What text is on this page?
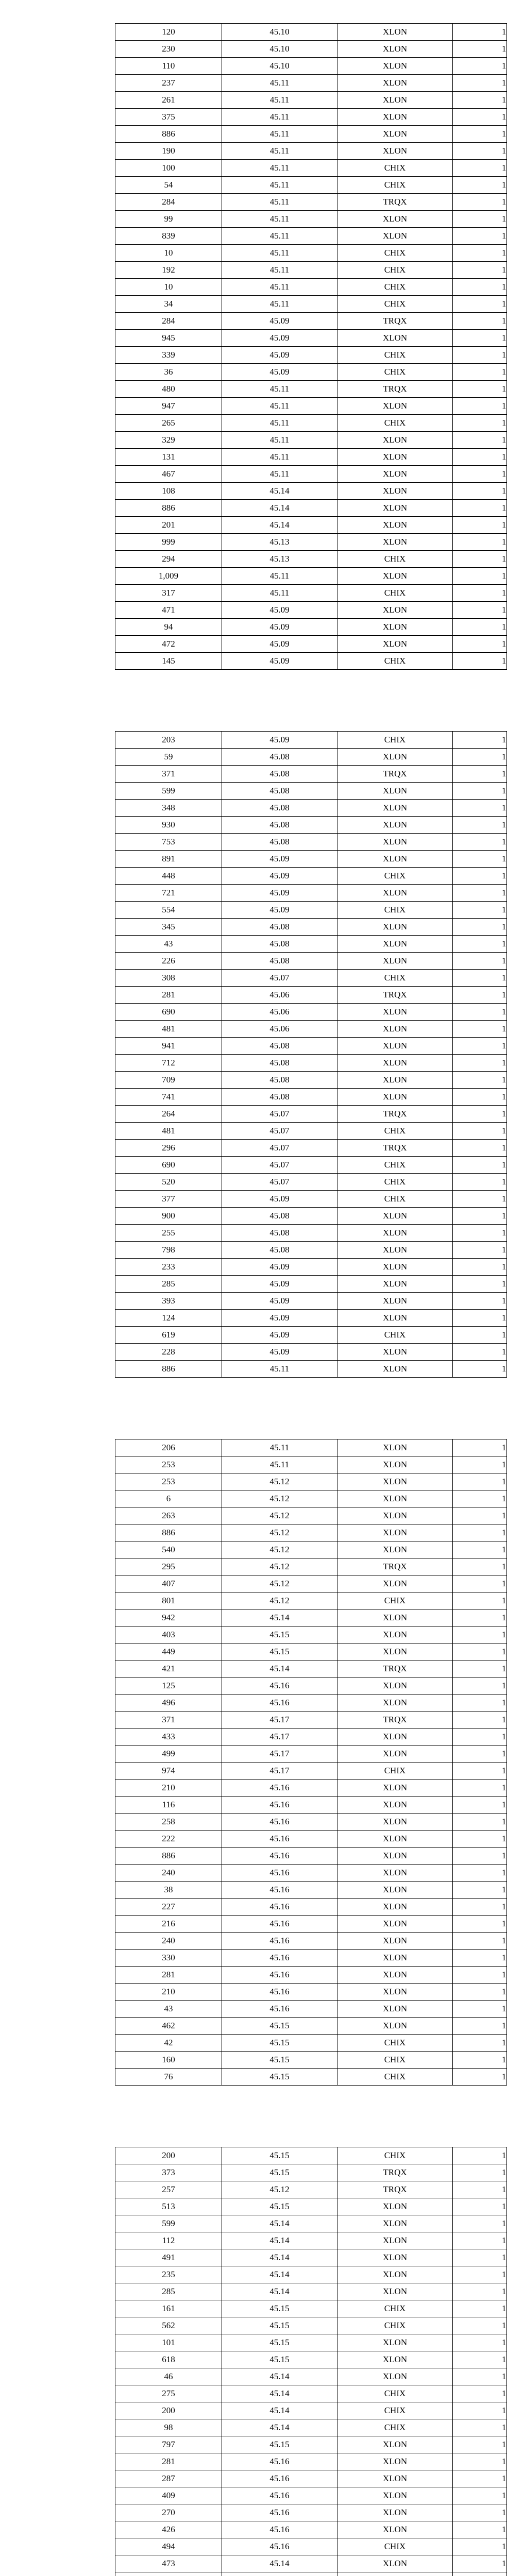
120	45.10	XLON	1
230	45.10	XLON	1
110	45.10	XLON	1
237	45.11	XLON	1
261	45.11	XLON	1
375	45.11	XLON	1
886	45.11	XLON	1
190	45.11	XLON	1
100	45.11	CHIX	1
54	45.11	CHIX	1
284	45.11	TRQX	1
99	45.11	XLON	1
839	45.11	XLON	1
10	45.11	CHIX	1
192	45.11	CHIX	1
10	45.11	CHIX	1
34	45.11	CHIX	1
284	45.09	TRQX	1
945	45.09	XLON	1
339	45.09	CHIX	1
36	45.09	CHIX	1
480	45.11	TRQX	1
947	45.11	XLON	1
265	45.11	CHIX	1
329	45.11	XLON	1
131	45.11	XLON	1
467	45.11	XLON	1
108	45.14	XLON	1
886	45.14	XLON	1
201	45.14	XLON	1
999	45.13	XLON	1
294	45.13	CHIX	1
1,009	45.11	XLON	1
317	45.11	CHIX	1
471	45.09	XLON	1
94	45.09	XLON	1
472	45.09	XLON	1
145	45.09	CHIX	1
203	45.09	CHIX	1
59	45.08	XLON	1
371	45.08	TRQX	1
599	45.08	XLON	1
348	45.08	XLON	1
930	45.08	XLON	1
753	45.08	XLON	1
891	45.09	XLON	1
448	45.09	CHIX	1
721	45.09	XLON	1
554	45.09	CHIX	1
345	45.08	XLON	1
43	45.08	XLON	1
226	45.08	XLON	1
308	45.07	CHIX	1
281	45.06	TRQX	1
690	45.06	XLON	1
481	45.06	XLON	1
941	45.08	XLON	1
712	45.08	XLON	1
709	45.08	XLON	1
741	45.08	XLON	1
264	45.07	TRQX	1
481	45.07	CHIX	1
296	45.07	TRQX	1
690	45.07	CHIX	1
520	45.07	CHIX	1
377	45.09	CHIX	1
900	45.08	XLON	1
255	45.08	XLON	1
798	45.08	XLON	1
233	45.09	XLON	1
285	45.09	XLON	1
393	45.09	XLON	1
124	45.09	XLON	1
619	45.09	CHIX	1
228	45.09	XLON	1
886	45.11	XLON	1
206	45.11	XLON	1
253	45.11	XLON	1
253	45.12	XLON	1
6	45.12	XLON	1
263	45.12	XLON	1
886	45.12	XLON	1
540	45.12	XLON	1
295	45.12	TRQX	1
407	45.12	XLON	1
801	45.12	CHIX	1
942	45.14	XLON	1
403	45.15	XLON	1
449	45.15	XLON	1
421	45.14	TRQX	1
125	45.16	XLON	1
496	45.16	XLON	1
371	45.17	TRQX	1
433	45.17	XLON	1
499	45.17	XLON	1
974	45.17	CHIX	1
210	45.16	XLON	1
116	45.16	XLON	1
258	45.16	XLON	1
222	45.16	XLON	1
886	45.16	XLON	1
240	45.16	XLON	1
38	45.16	XLON	1
227	45.16	XLON	1
216	45.16	XLON	1
240	45.16	XLON	1
330	45.16	XLON	1
281	45.16	XLON	1
210	45.16	XLON	1
43	45.16	XLON	1
462	45.15	XLON	1
42	45.15	CHIX	1
160	45.15	CHIX	1
76	45.15	CHIX	1
200	45.15	CHIX	1
373	45.15	TRQX	1
257	45.12	TRQX	1
513	45.15	XLON	1
599	45.14	XLON	1
112	45.14	XLON	1
491	45.14	XLON	1
235	45.14	XLON	1
285	45.14	XLON	1
161	45.15	CHIX	1
562	45.15	CHIX	1
101	45.15	XLON	1
618	45.15	XLON	1
46	45.14	XLON	1
275	45.14	CHIX	1
200	45.14	CHIX	1
98	45.14	CHIX	1
797	45.15	XLON	1
281	45.16	XLON	1
287	45.16	XLON	1
409	45.16	XLON	1
270	45.16	XLON	1
426	45.16	XLON	1
494	45.16	CHIX	1
473	45.14	XLON	1
